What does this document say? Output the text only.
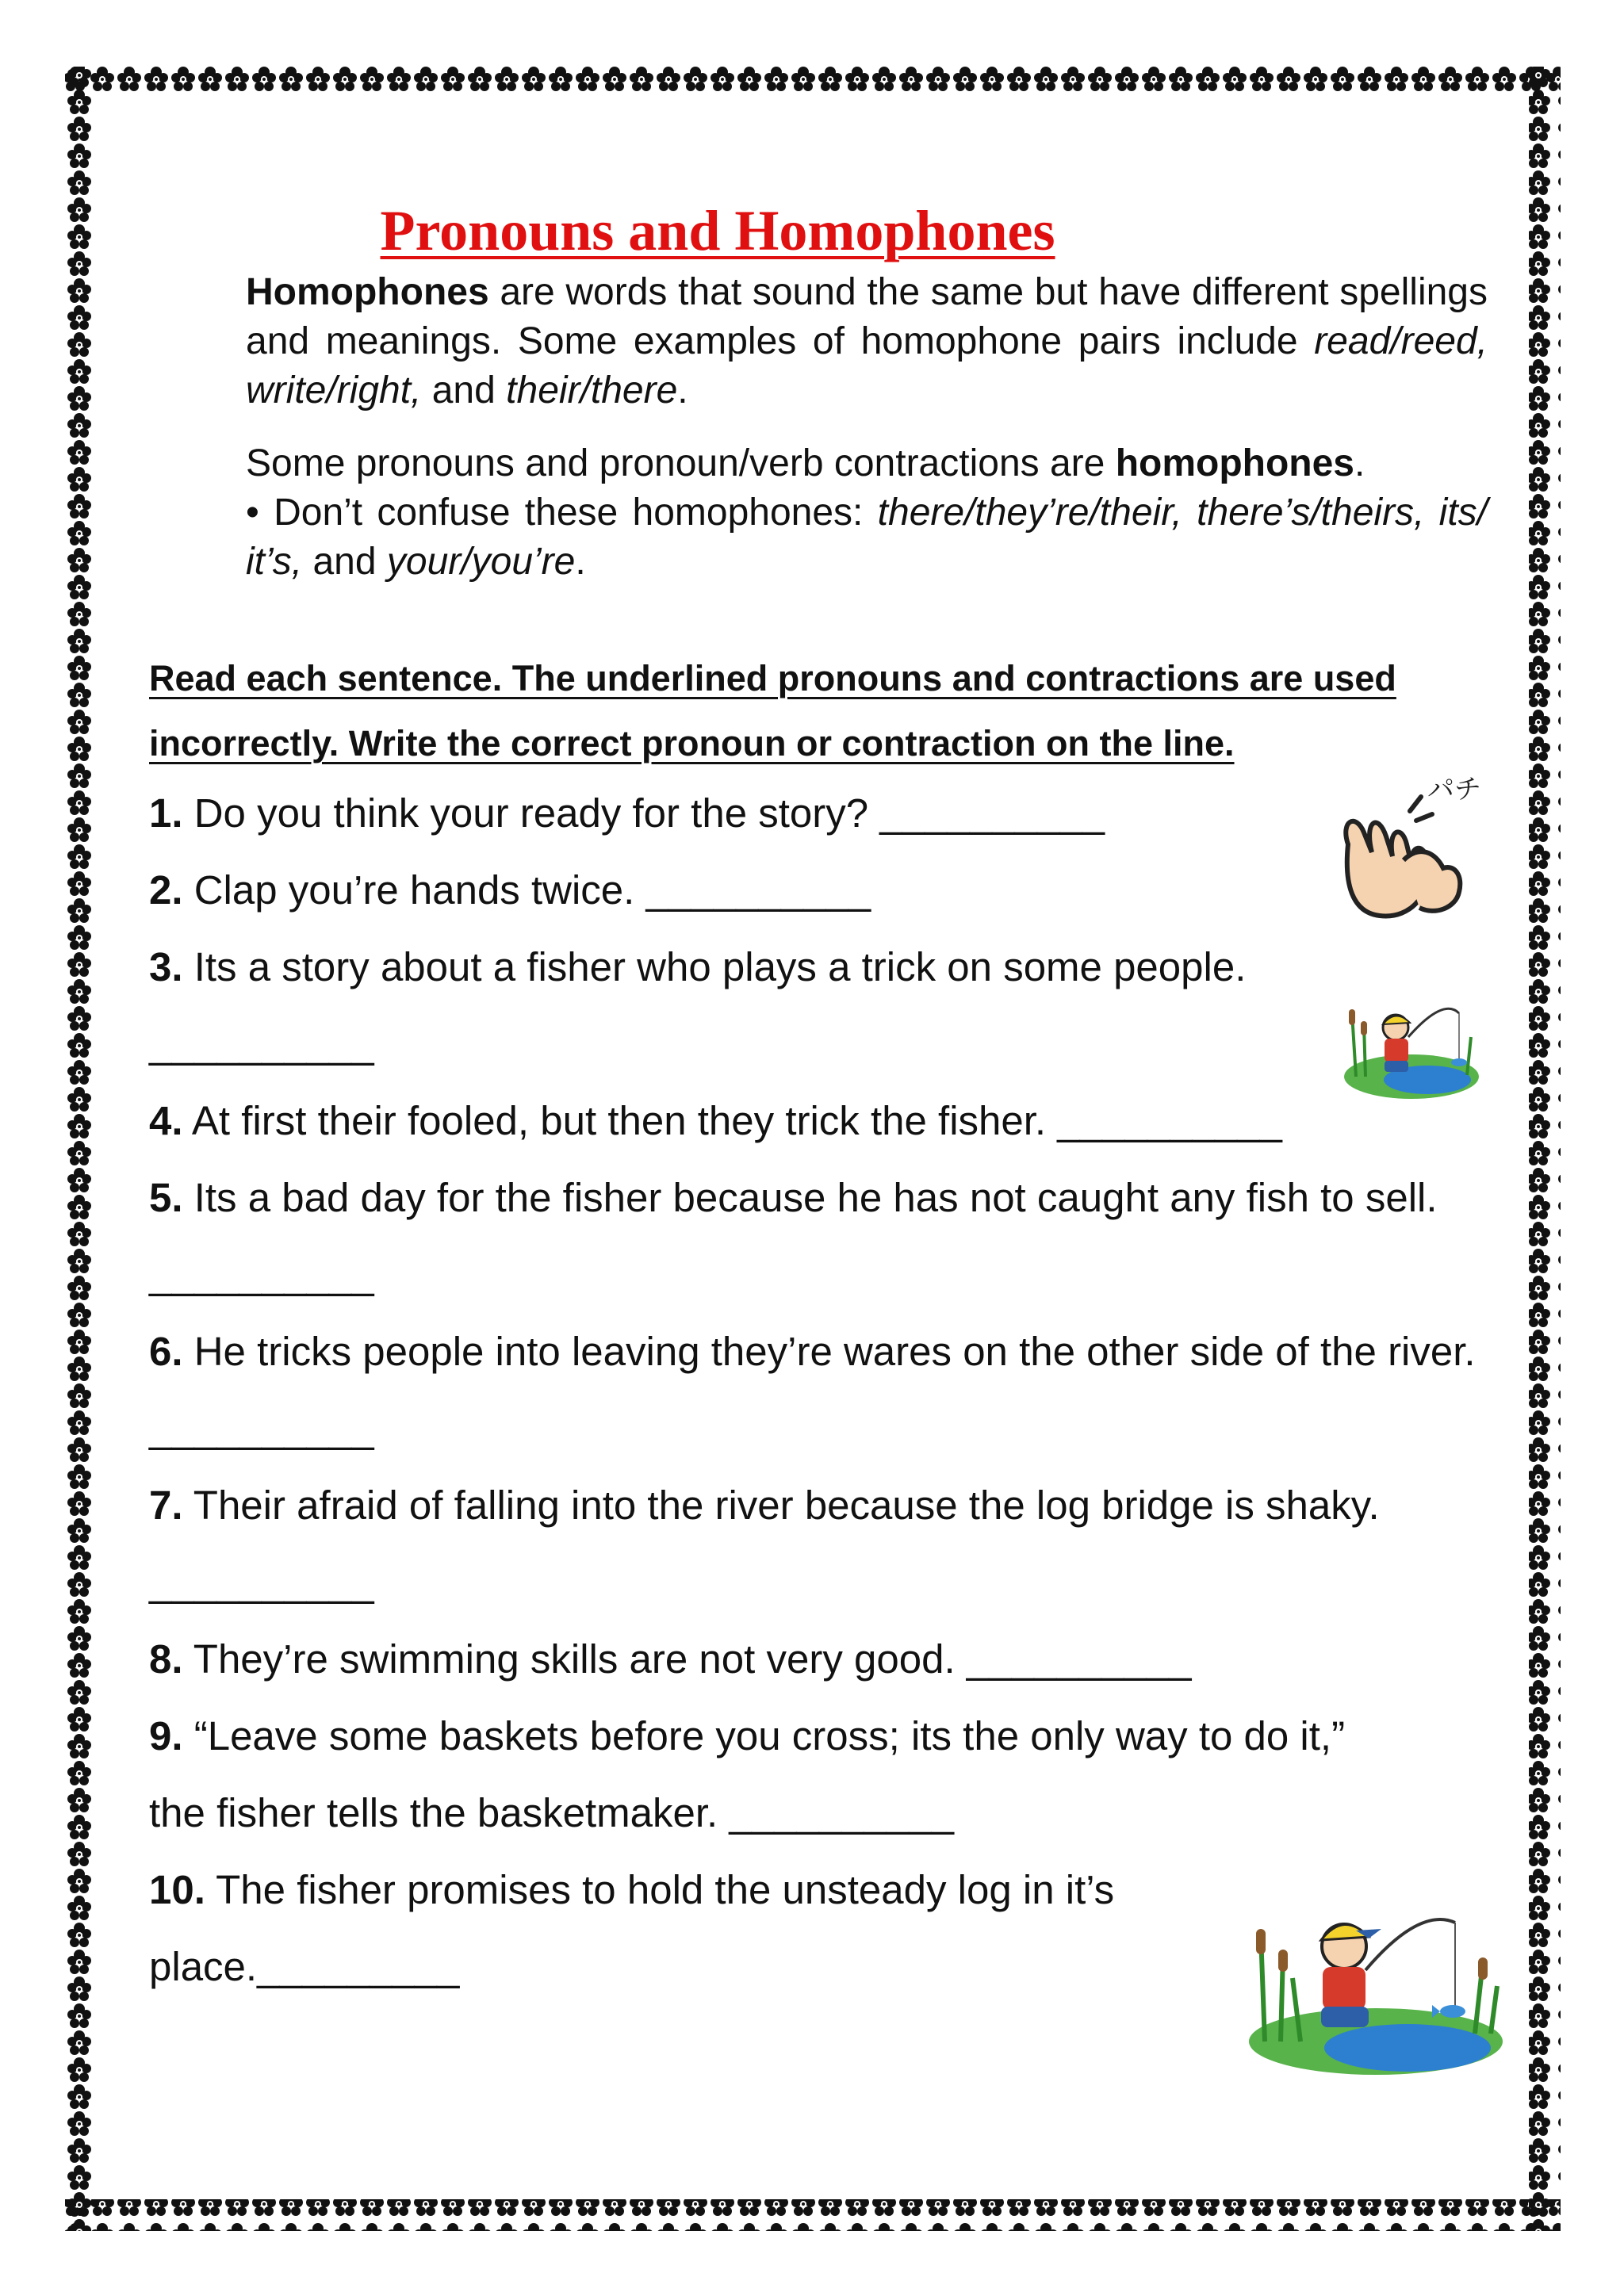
Pronouns and Homophones

Homophones are words that sound the same but have different spellings and meanings. Some examples of homophone pairs include read/reed, write/right, and their/there.

Some pronouns and pronoun/verb contractions are homophones.

• Don’t confuse these homophones: there/they’re/their, there’s/theirs, its/ it’s, and your/you’re.

Read each sentence. The underlined pronouns and contractions are used incorrectly. Write the correct pronoun or contraction on the line.

1. Do you think your ready for the story? __________

2. Clap you’re hands twice. __________

3. Its a story about a fisher who plays a trick on some people. __________

4. At first their fooled, but then they trick the fisher. __________

5. Its a bad day for the fisher because he has not caught any fish to sell. __________

6. He tricks people into leaving they’re wares on the other side of the river. __________

7. Their afraid of falling into the river because the log bridge is shaky. __________

8. They’re swimming skills are not very good. __________

9. “Leave some baskets before you cross; its the only way to do it,” the fisher tells the basketmaker. __________

10. The fisher promises to hold the unsteady log in it’s place._________

パチ
